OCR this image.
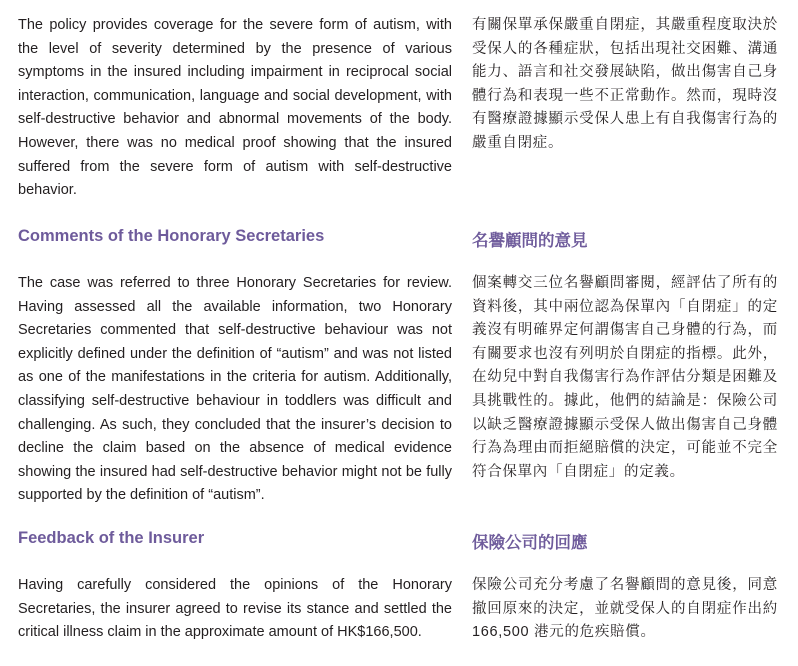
The policy provides coverage for the severe form of autism, with the level of severity determined by the presence of various symptoms in the insured including impairment in reciprocal social interaction, communication, language and social development, with self-destructive behavior and abnormal movements of the body. However, there was no medical proof showing that the insured suffered from the severe form of autism with self-destructive behavior.

Comments of the Honorary Secretaries

The case was referred to three Honorary Secretaries for review. Having assessed all the available information, two Honorary Secretaries commented that self-destructive behaviour was not explicitly defined under the definition of “autism” and was not listed as one of the manifestations in the criteria for autism. Additionally, classifying self-destructive behaviour in toddlers was difficult and challenging. As such, they concluded that the insurer’s decision to decline the claim based on the absence of medical evidence showing the insured had self-destructive behavior might not be fully supported by the definition of “autism”.

Feedback of the Insurer

Having carefully considered the opinions of the Honorary Secretaries, the insurer agreed to revise its stance and settled the critical illness claim in the approximate amount of HK$166,500.

有關保單承保嚴重自閉症，其嚴重程度取決於受保人的各種症狀，包括出現社交困難、溝通能力、語言和社交發展缺陷，做出傷害自己身體行為和表現一些不正常動作。然而，現時沒有醫療證據顯示受保人患上有自我傷害行為的嚴重自閉症。

名譽顧問的意見

個案轉交三位名譽顧問審閱，經評估了所有的資料後，其中兩位認為保單內「自閉症」的定義沒有明確界定何謂傷害自己身體的行為，而有關要求也沒有列明於自閉症的指標。此外，在幼兒中對自我傷害行為作評估分類是困難及具挑戰性的。據此，他們的結論是：保險公司以缺乏醫療證據顯示受保人做出傷害自己身體行為為理由而拒絕賠償的決定，可能並不完全符合保單內「自閉症」的定義。

保險公司的回應

保險公司充分考慮了名譽顧問的意見後，同意撤回原來的決定，並就受保人的自閉症作出約 166,500 港元的危疾賠償。
